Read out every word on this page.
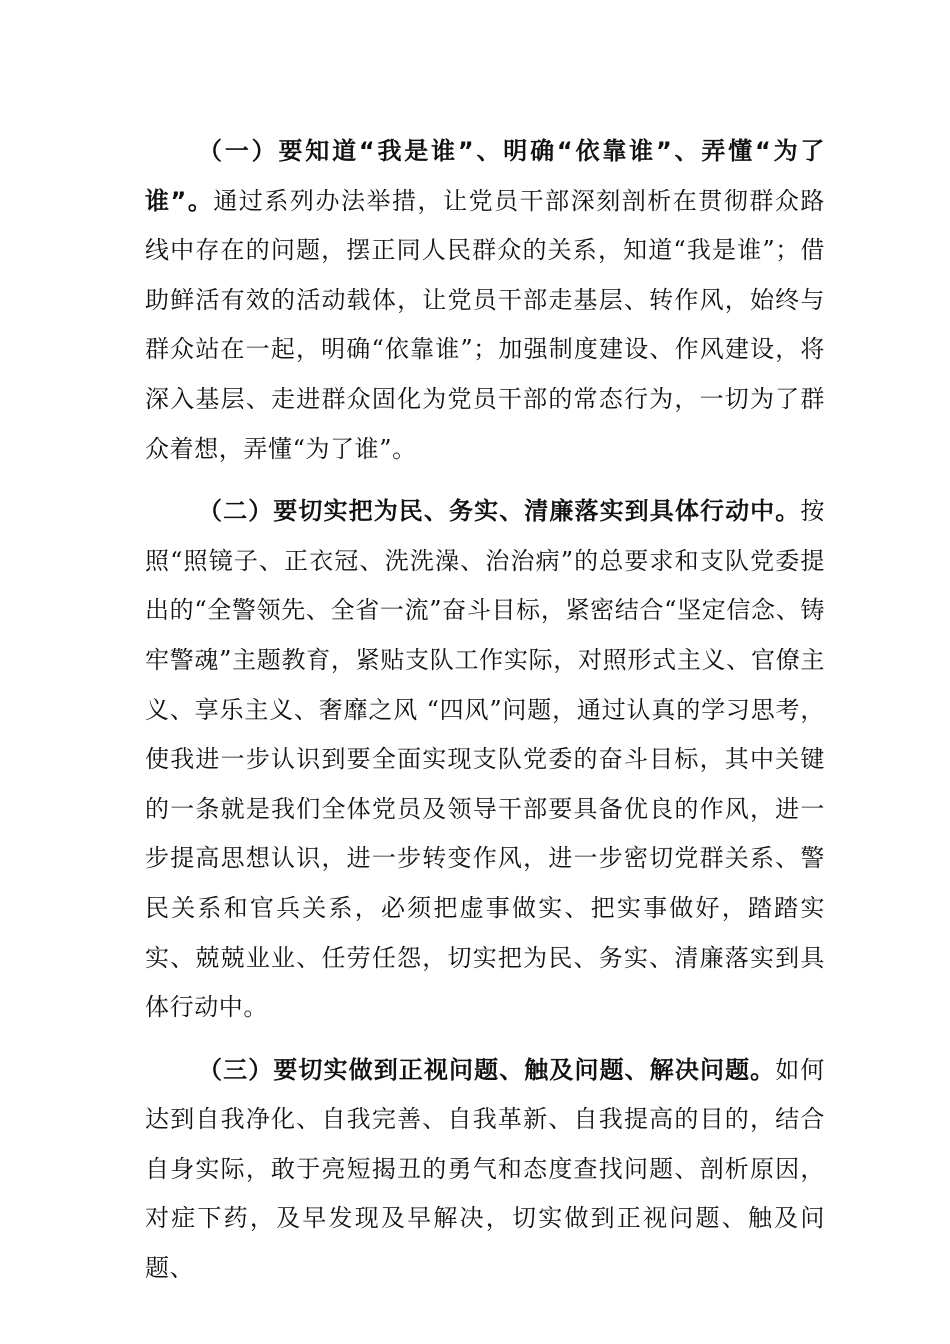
（一）要知道“我是谁”、明确“依靠谁”、弄懂“为了谁”。通过系列办法举措，让党员干部深刻剖析在贯彻群众路线中存在的问题，摆正同人民群众的关系，知道“我是谁”；借助鲜活有效的活动载体，让党员干部走基层、转作风，始终与群众站在一起，明确“依靠谁”；加强制度建设、作风建设，将深入基层、走进群众固化为党员干部的常态行为，一切为了群众着想，弄懂“为了谁”。

（二）要切实把为民、务实、清廉落实到具体行动中。按照“照镜子、正衣冠、洗洗澡、治治病”的总要求和支队党委提出的“全警领先、全省一流”奋斗目标，紧密结合“坚定信念、铸牢警魂”主题教育，紧贴支队工作实际，对照形式主义、官僚主义、享乐主义、奢靡之风 “四风”问题，通过认真的学习思考，使我进一步认识到要全面实现支队党委的奋斗目标，其中关键的一条就是我们全体党员及领导干部要具备优良的作风，进一步提高思想认识，进一步转变作风，进一步密切党群关系、警民关系和官兵关系，必须把虚事做实、把实事做好，踏踏实实、兢兢业业、任劳任怨，切实把为民、务实、清廉落实到具体行动中。

（三）要切实做到正视问题、触及问题、解决问题。如何达到自我净化、自我完善、自我革新、自我提高的目的，结合自身实际，敢于亮短揭丑的勇气和态度查找问题、剖析原因，对症下药，及早发现及早解决，切实做到正视问题、触及问题、
